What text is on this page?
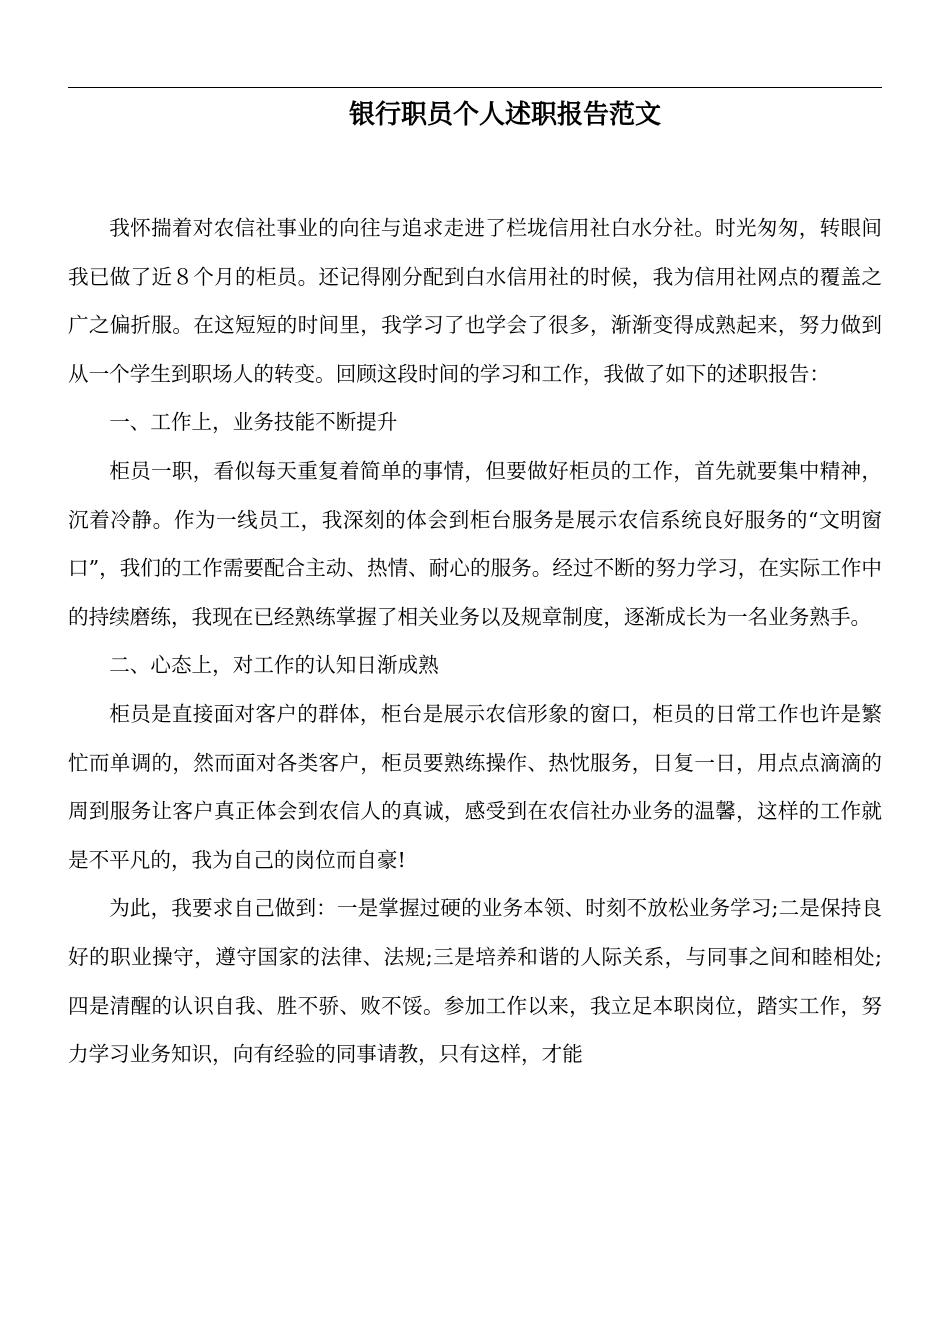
银行职员个人述职报告范文

我怀揣着对农信社事业的向往与追求走进了栏垅信用社白水分社。时光匆匆，转眼间我已做了近８个月的柜员。还记得刚分配到白水信用社的时候，我为信用社网点的覆盖之广之偏折服。在这短短的时间里，我学习了也学会了很多，渐渐变得成熟起来，努力做到从一个学生到职场人的转变。回顾这段时间的学习和工作，我做了如下的述职报告：

一、工作上，业务技能不断提升

柜员一职，看似每天重复着简单的事情，但要做好柜员的工作，首先就要集中精神，沉着冷静。作为一线员工，我深刻的体会到柜台服务是展示农信系统良好服务的“文明窗口”，我们的工作需要配合主动、热情、耐心的服务。经过不断的努力学习，在实际工作中的持续磨练，我现在已经熟练掌握了相关业务以及规章制度，逐渐成长为一名业务熟手。

二、心态上，对工作的认知日渐成熟

柜员是直接面对客户的群体，柜台是展示农信形象的窗口，柜员的日常工作也许是繁忙而单调的，然而面对各类客户，柜员要熟练操作、热忱服务，日复一日，用点点滴滴的周到服务让客户真正体会到农信人的真诚，感受到在农信社办业务的温馨，这样的工作就是不平凡的，我为自己的岗位而自豪!

为此，我要求自己做到：一是掌握过硬的业务本领、时刻不放松业务学习;二是保持良好的职业操守，遵守国家的法律、法规;三是培养和谐的人际关系，与同事之间和睦相处;四是清醒的认识自我、胜不骄、败不馁。参加工作以来，我立足本职岗位，踏实工作，努力学习业务知识，向有经验的同事请教，只有这样，才能
